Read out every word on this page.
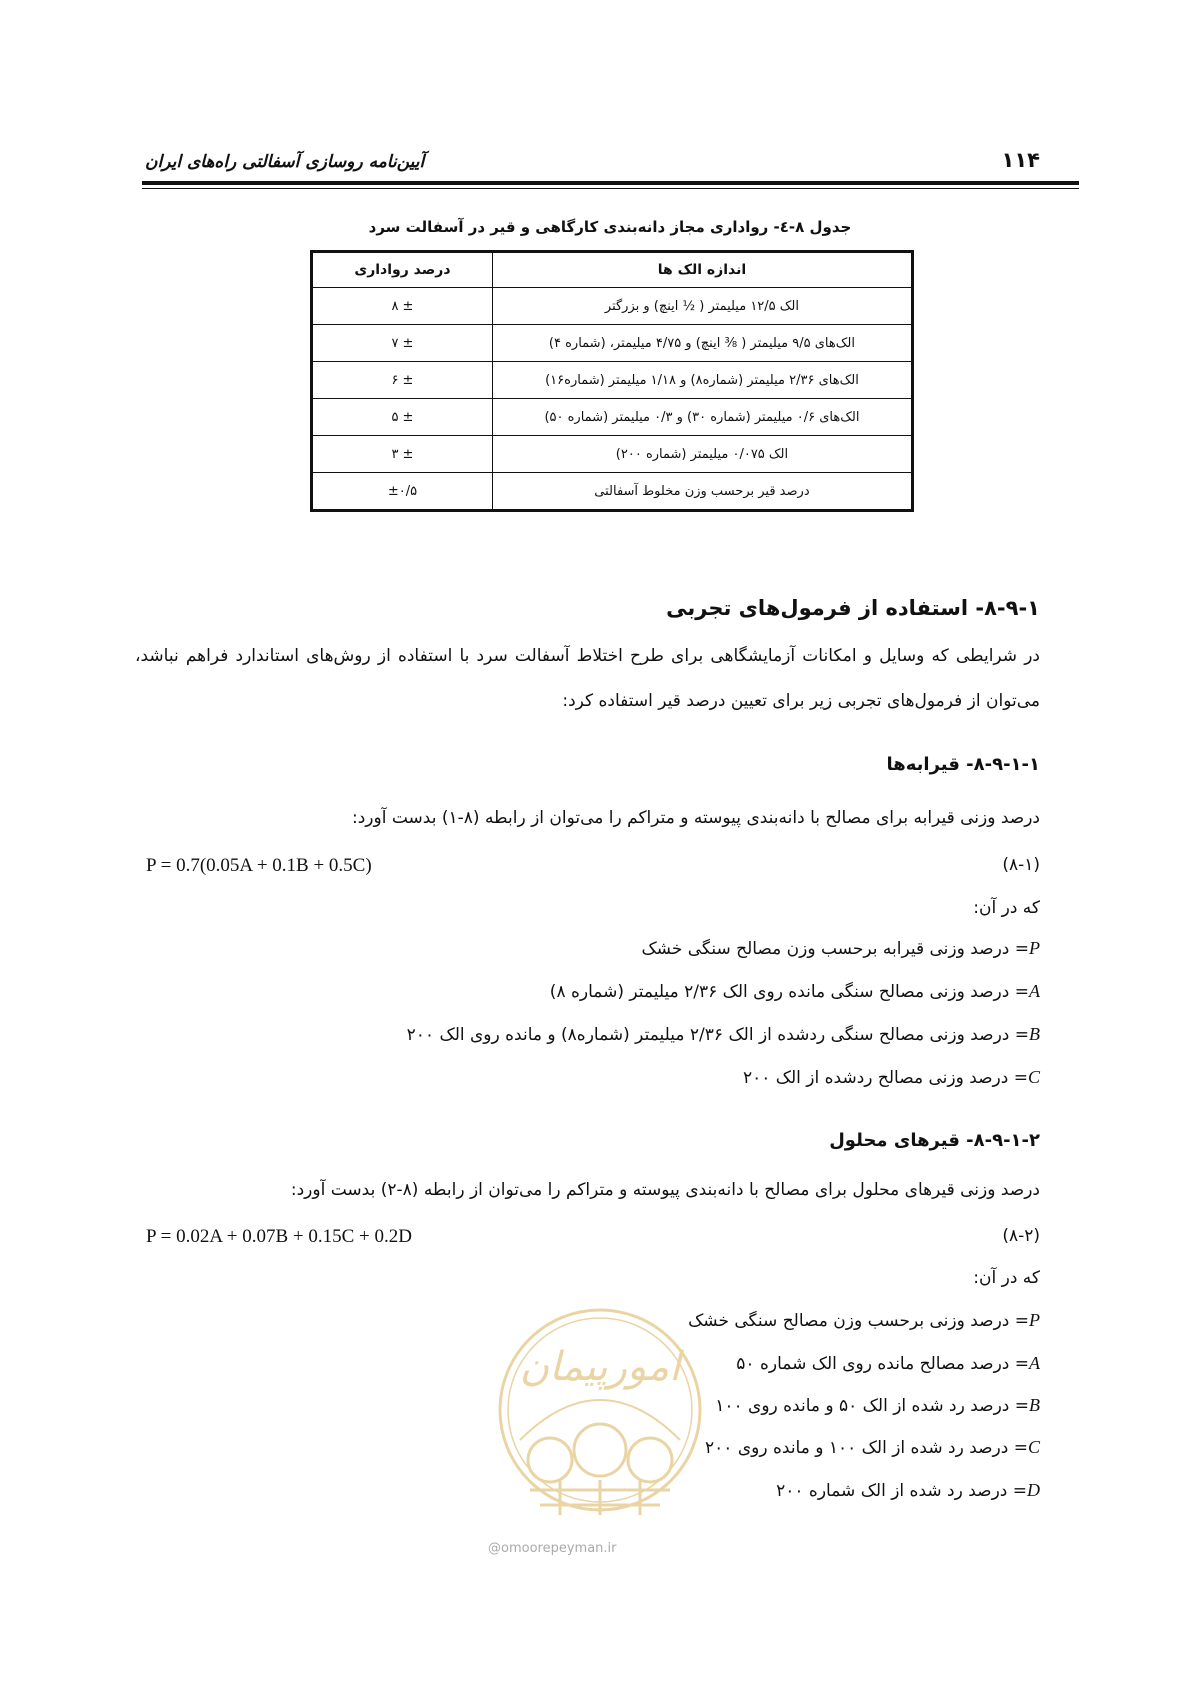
۱۱۴
آیین‌نامه روسازی آسفالتی راه‌های ایران
جدول ۸-٤- رواداری مجاز دانه‌بندی کارگاهی و قیر در آسفالت سرد
اندازه الک ها	درصد رواداری
الک ۱۲/۵ میلیمتر ( ½ اینچ) و بزرگتر	± ۸
الک‌های ۹/۵ میلیمتر ( ⅜ اینچ) و ۴/۷۵ میلیمتر، (شماره ۴)	± ۷
الک‌های ۲/۳۶ میلیمتر (شماره۸) و ۱/۱۸ میلیمتر (شماره۱۶)	± ۶
الک‌های ۰/۶ میلیمتر (شماره ۳۰) و ۰/۳ میلیمتر (شماره ۵۰)	± ۵
الک ۰/۰۷۵ میلیمتر (شماره ۲۰۰)	± ۳
درصد قیر برحسب وزن مخلوط آسفالتی	±۰/۵
۸-۹-۱- استفاده از فرمول‌های تجربی
در شرایطی که وسایل و امکانات آزمایشگاهی برای طرح اختلاط آسفالت سرد با استفاده از روش‌های استاندارد فراهم نباشد، می‌توان از فرمول‌های تجربی زیر برای تعیین درصد قیر استفاده کرد:
۸-۹-۱-۱- قیرابه‌ها
درصد وزنی قیرابه برای مصالح با دانه‌بندی پیوسته و متراکم را می‌توان از رابطه (۸-۱) بدست آورد:
P = 0.7(0.05A + 0.1B + 0.5C)	(۸-۱)
که در آن:
P= درصد وزنی قیرابه برحسب وزن مصالح سنگی خشک
A= درصد وزنی مصالح سنگی مانده روی الک ۲/۳۶ میلیمتر (شماره ۸)
B= درصد وزنی مصالح سنگی ردشده از الک ۲/۳۶ میلیمتر (شماره۸) و مانده روی الک ۲۰۰
C= درصد وزنی مصالح ردشده از الک ۲۰۰
۸-۹-۱-۲- قیرهای محلول
درصد وزنی قیرهای محلول برای مصالح با دانه‌بندی پیوسته و متراکم را می‌توان از رابطه (۸-۲) بدست آورد:
P = 0.02A + 0.07B + 0.15C + 0.2D	(۸-۲)
که در آن:
P= درصد وزنی برحسب وزن مصالح سنگی خشک
A= درصد مصالح مانده روی الک شماره ۵۰
B= درصد رد شده از الک ۵۰ و مانده روی ۱۰۰
C= درصد رد شده از الک ۱۰۰ و مانده روی ۲۰۰
D= درصد رد شده از الک شماره ۲۰۰
امورپیمان
@omoorepeyman.ir
